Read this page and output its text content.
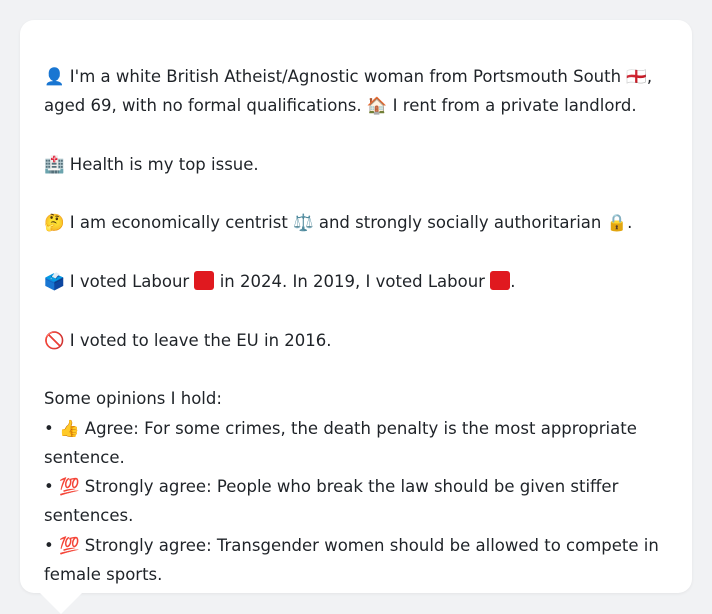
👤 I'm a white British Atheist/Agnostic woman from Portsmouth South 🏴󠁧󠁢󠁥󠁮󠁧󠁿, aged 69, with no formal qualifications. 🏠 I rent from a private landlord.

🏥 Health is my top issue.

🤔 I am economically centrist ⚖️ and strongly socially authoritarian 🔒.

🗳️ I voted Labour  in 2024. In 2019, I voted Labour .

🚫 I voted to leave the EU in 2016.

Some opinions I hold:

• 👍 Agree: For some crimes, the death penalty is the most appropriate sentence.

• 💯 Strongly agree: People who break the law should be given stiffer sentences.

• 💯 Strongly agree: Transgender women should be allowed to compete in female sports.
